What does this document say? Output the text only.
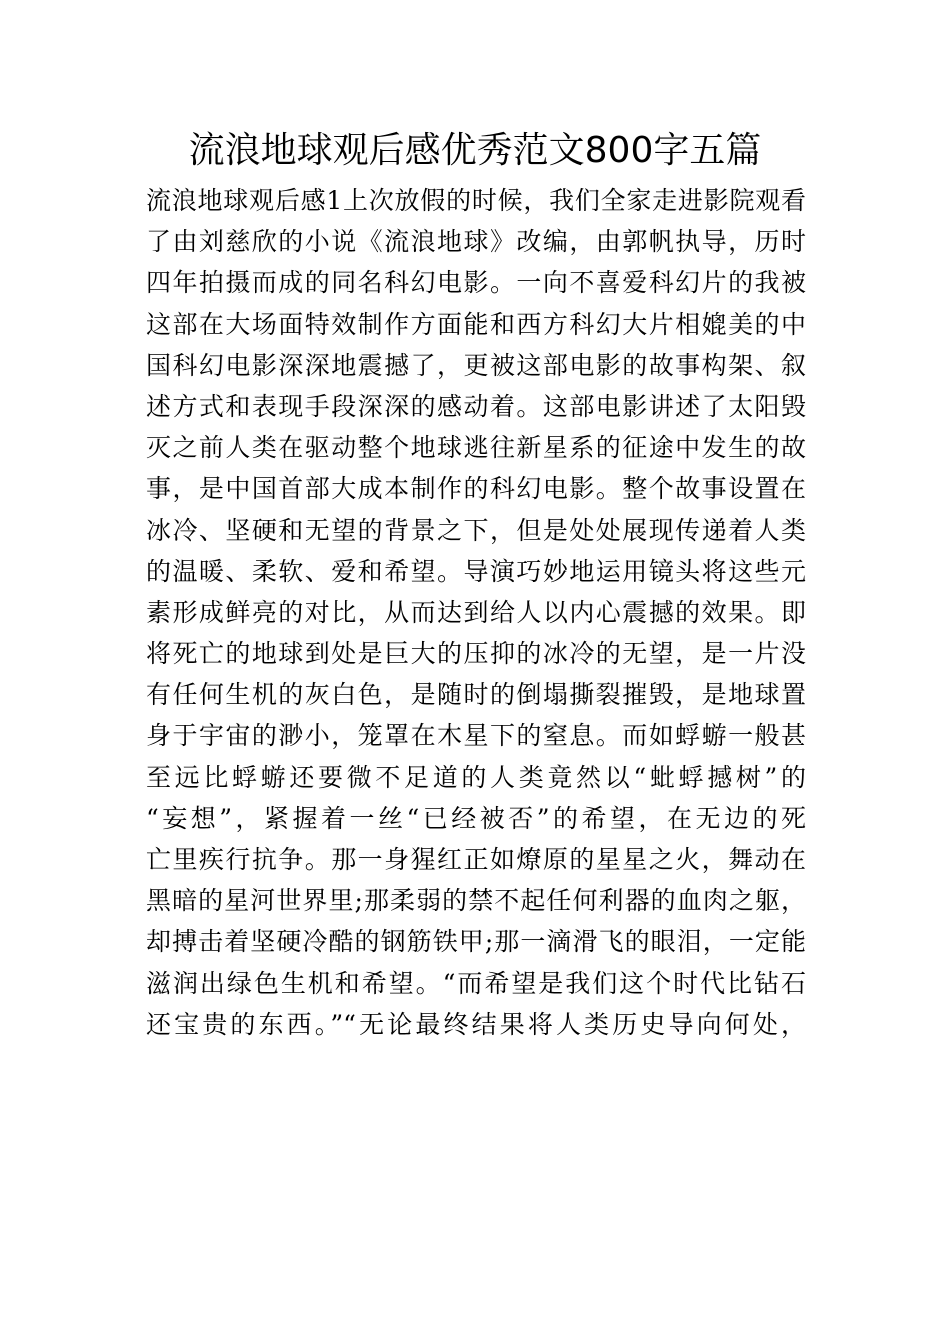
流浪地球观后感优秀范文800字五篇
流浪地球观后感1上次放假的时候，我们全家走进影院观看
了由刘慈欣的小说《流浪地球》改编，由郭帆执导，历时
四年拍摄而成的同名科幻电影。一向不喜爱科幻片的我被
这部在大场面特效制作方面能和西方科幻大片相媲美的中
国科幻电影深深地震撼了，更被这部电影的故事构架、叙
述方式和表现手段深深的感动着。这部电影讲述了太阳毁
灭之前人类在驱动整个地球逃往新星系的征途中发生的故
事，是中国首部大成本制作的科幻电影。整个故事设置在
冰冷、坚硬和无望的背景之下，但是处处展现传递着人类
的温暖、柔软、爱和希望。导演巧妙地运用镜头将这些元
素形成鲜亮的对比，从而达到给人以内心震撼的效果。即
将死亡的地球到处是巨大的压抑的冰冷的无望，是一片没
有任何生机的灰白色，是随时的倒塌撕裂摧毁，是地球置
身于宇宙的渺小，笼罩在木星下的窒息。而如蜉蝣一般甚
至远比蜉蝣还要微不足道的人类竟然以“蚍蜉撼树”的
“妄想”，紧握着一丝“已经被否”的希望，在无边的死
亡里疾行抗争。那一身猩红正如燎原的星星之火，舞动在
黑暗的星河世界里;那柔弱的禁不起任何利器的血肉之躯，
却搏击着坚硬冷酷的钢筋铁甲;那一滴滑飞的眼泪，一定能
滋润出绿色生机和希望。“而希望是我们这个时代比钻石
还宝贵的东西。”“无论最终结果将人类历史导向何处，
